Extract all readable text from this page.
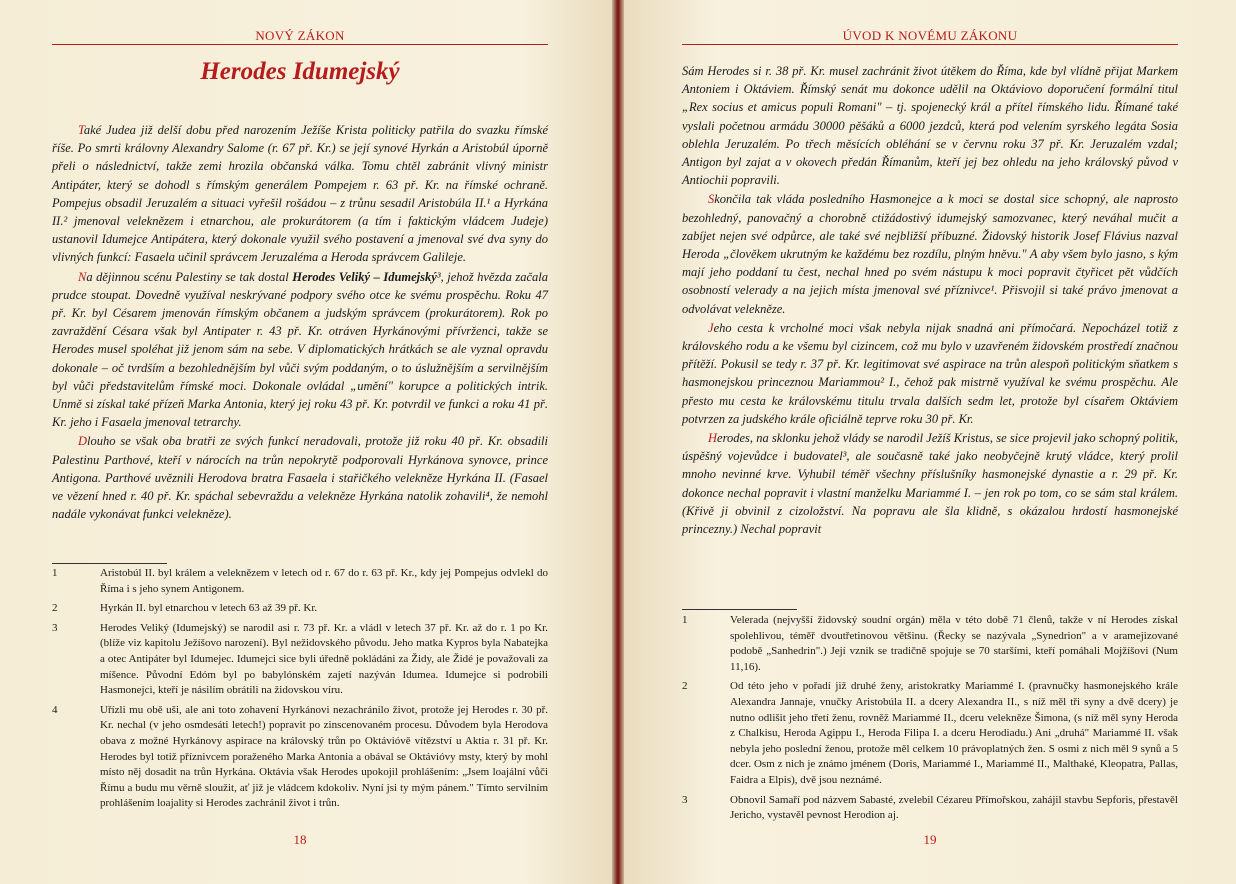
NOVÝ ZÁKON
Herodes Idumejský

Také Judea již delší dobu před narozením Ježíše Krista politicky patřila do svazku římské říše. Po smrti královny Alexandry Salome (r. 67 př. Kr.) se její synové Hyrkán a Aristobúl úporně přeli o následnictví, takže zemi hrozila občanská válka. Tomu chtěl zabránit vlivný ministr Antipáter, který se dohodl s římským generálem Pompejem r. 63 př. Kr. na římské ochraně. Pompejus obsadil Jeruzalém a situaci vyřešil rošádou – z trůnu sesadil Aristobúla II.¹ a Hyrkána II.² jmenoval veleknězem i etnarchou, ale prokurátorem (a tím i faktickým vládcem Judeje) ustanovil Idumejce Antipátera, který dokonale využil svého postavení a jmenoval své dva syny do vlivných funkcí: Fasaela učinil správcem Jeruzaléma a Heroda správcem Galileje.

Na dějinnou scénu Palestiny se tak dostal Herodes Veliký – Idumejský³, jehož hvězda začala prudce stoupat. Dovedně využíval neskrývané podpory svého otce ke svému prospěchu. Roku 47 př. Kr. byl Césarem jmenován římským občanem a judským správcem (prokurátorem). Rok po zavraždění Césara však byl Antipater r. 43 př. Kr. otráven Hyrkánovými přívrženci, takže se Herodes musel spoléhat již jenom sám na sebe. V diplomatických hrátkách se ale vyznal opravdu dokonale – oč tvrdším a bezohlednějším byl vůči svým poddaným, o to úslužnějším a servilnějším byl vůči představitelům římské moci. Dokonale ovládal „umění" korupce a politických intrik. Unmě si získal také přízeň Marka Antonia, který jej roku 43 př. Kr. potvrdil ve funkci a roku 41 př. Kr. jeho i Fasaela jmenoval tetrarchy.

Dlouho se však oba bratři ze svých funkcí neradovali, protože již roku 40 př. Kr. obsadili Palestinu Parthové, kteří v nárocích na trůn nepokrytě podporovali Hyrkánova synovce, prince Antigona. Parthové uvěznili Herodova bratra Fasaela i stařičkého velekněze Hyrkána II. (Fasael ve vězení hned r. 40 př. Kr. spáchal sebevraždu a velekněze Hyrkána natolik zohavili⁴, že nemohl nadále vykonávat funkci velekněze).

1	Aristobúl II. byl králem a veleknězem v letech od r. 67 do r. 63 př. Kr., kdy jej Pompejus odvlekl do Říma i s jeho synem Antigonem.
2	Hyrkán II. byl etnarchou v letech 63 až 39 př. Kr.
3	Herodes Veliký (Idumejský) se narodil asi r. 73 př. Kr. a vládl v letech 37 př. Kr. až do r. 1 po Kr. (blíže viz kapitolu Ježíšovo narození). Byl nežidovského původu. Jeho matka Kypros byla Nabatejka a otec Antipáter byl Idumejec. Idumejci sice byli úředně pokládáni za Židy, ale Židé je považovali za míšence. Původní Edóm byl po babylónském zajetí nazýván Idumea. Idumejce si podrobili Hasmonejci, kteří je násilím obrátili na židovskou víru.
4	Uřízli mu obě uši, ale ani toto zohavení Hyrkánovi nezachránilo život, protože jej Herodes r. 30 př. Kr. nechal (v jeho osmdesáti letech!) popravit po zinscenovaném procesu. Důvodem byla Herodova obava z možné Hyrkánovy aspirace na královský trůn po Oktávióvě vítězství u Aktia r. 31 př. Kr. Herodes byl totiž příznivcem poraženého Marka Antonia a obával se Oktávióvy msty, který by mohl místo něj dosadit na trůn Hyrkána. Oktávia však Herodes upokojil prohlášením: „Jsem loajální vůči Římu a budu mu věrně sloužit, ať již je vládcem kdokoliv. Nyní jsi ty mým pánem." Tímto servilním prohlášením loajality si Herodes zachránil život i trůn.
18
ÚVOD K NOVÉMU ZÁKONU

Sám Herodes si r. 38 př. Kr. musel zachránit život útěkem do Říma, kde byl vlídně přijat Markem Antoniem i Oktáviem. Římský senát mu dokonce udělil na Oktáviovo doporučení formální titul „Rex socius et amicus populi Romani" – tj. spojenecký král a přítel římského lidu. Římané také vyslali početnou armádu 30000 pěšáků a 6000 jezdců, která pod velením syrského legáta Sosia oblehla Jeruzalém. Po třech měsících obléhání se v červnu roku 37 př. Kr. Jeruzalém vzdal; Antigon byl zajat a v okovech předán Římanům, kteří jej bez ohledu na jeho královský původ v Antiochii popravili.

Skončila tak vláda posledního Hasmonejce a k moci se dostal sice schopný, ale naprosto bezohledný, panovačný a chorobně ctižádostivý idumejský samozvanec, který neváhal mučit a zabíjet nejen své odpůrce, ale také své nejbližší příbuzné. Židovský historik Josef Flávius nazval Heroda „člověkem ukrutným ke každému bez rozdílu, plným hněvu." A aby všem bylo jasno, s kým mají jeho poddaní tu čest, nechal hned po svém nástupu k moci popravit čtyřicet pět vůdčích osobností velerady a na jejich místa jmenoval své příznivce¹. Přisvojil si také právo jmenovat a odvolávat velekněze.

Jeho cesta k vrcholné moci však nebyla nijak snadná ani přímočará. Nepocházel totiž z královského rodu a ke všemu byl cizincem, což mu bylo v uzavřeném židovském prostředí značnou přítěží. Pokusil se tedy r. 37 př. Kr. legitimovat své aspirace na trůn alespoň politickým sňatkem s hasmonejskou princeznou Mariammou² I., čehož pak mistrně využíval ke svému prospěchu. Ale přesto mu cesta ke královskému titulu trvala dalších sedm let, protože byl císařem Oktáviem potvrzen za judského krále oficiálně teprve roku 30 př. Kr.

Herodes, na sklonku jehož vlády se narodil Ježíš Kristus, se sice projevil jako schopný politik, úspěšný vojevůdce i budovatel³, ale současně také jako neobyčejně krutý vládce, který prolil mnoho nevinné krve. Vyhubil téměř všechny příslušníky hasmonejské dynastie a r. 29 př. Kr. dokonce nechal popravit i vlastní manželku Mariammé I. – jen rok po tom, co se sám stal králem. (Křivě ji obvinil z cizoložství. Na popravu ale šla klidně, s okázalou hrdostí hasmonejské princezny.) Nechal popravit

1	Velerada (nejvyšší židovský soudní orgán) měla v této době 71 členů, takže v ní Herodes získal spolehlivou, téměř dvoutřetinovou většinu. (Řecky se nazývala „Synedrion" a v aramejizované podobě „Sanhedrin".) Její vznik se tradičně spojuje se 70 staršími, kteří pomáhali Mojžíšovi (Num 11,16).
2	Od této jeho v pořadí již druhé ženy, aristokratky Mariammé I. (pravnučky hasmonejského krále Alexandra Jannaje, vnučky Aristobúla II. a dcery Alexandra II., s níž měl tři syny a dvě dcery) je nutno odlišit jeho třetí ženu, rovněž Mariammé II., dceru velekněze Šimona, (s níž měl syny Heroda z Chalkisu, Heroda Agippu I., Heroda Filipa I. a dceru Herodiadu.) Ani „druhá" Mariammé II. však nebyla jeho poslední ženou, protože měl celkem 10 právoplatných žen. S osmi z nich měl 9 synů a 5 dcer. Osm z nich je známo jménem (Doris, Mariammé I., Mariammé II., Malthaké, Kleopatra, Pallas, Faidra a Elpis), dvě jsou neznámé.
3	Obnovil Samaří pod názvem Sabasté, zvelebil Cézareu Přímořskou, zahájil stavbu Sepforis, přestavěl Jericho, vystavěl pevnost Herodion aj.
19
